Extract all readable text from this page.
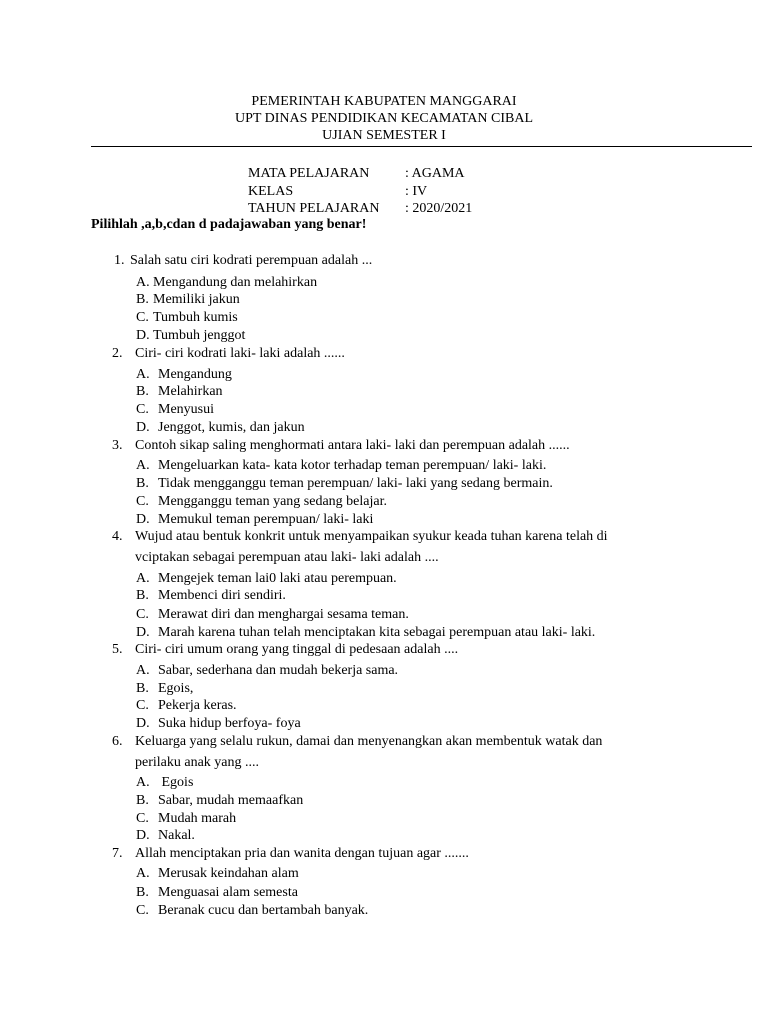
PEMERINTAH KABUPATEN MANGGARAI
UPT DINAS PENDIDIKAN KECAMATAN CIBAL
UJIAN SEMESTER I
MATA PELAJARAN	: AGAMA
KELAS	: IV
TAHUN PELAJARAN	: 2020/2021
Pilihlah ,a,b,cdan d padajawaban yang benar!
1. Salah satu ciri kodrati perempuan adalah ...
A. Mengandung dan melahirkan
B. Memiliki jakun
C. Tumbuh kumis
D. Tumbuh jenggot
2. Ciri- ciri kodrati laki- laki adalah ......
A. Mengandung
B. Melahirkan
C. Menyusui
D. Jenggot, kumis, dan jakun
3. Contoh sikap saling menghormati antara laki- laki dan perempuan adalah ......
A. Mengeluarkan kata- kata kotor terhadap teman perempuan/ laki- laki.
B. Tidak mengganggu teman perempuan/ laki- laki yang sedang bermain.
C. Mengganggu teman yang sedang belajar.
D. Memukul teman perempuan/ laki- laki
4. Wujud atau bentuk konkrit untuk menyampaikan syukur keada tuhan karena telah di
vciptakan sebagai perempuan atau laki- laki adalah ....
A. Mengejek teman lai0 laki atau perempuan.
B. Membenci diri sendiri.
C. Merawat diri dan menghargai sesama teman.
D. Marah karena tuhan telah menciptakan kita sebagai perempuan atau laki- laki.
5. Ciri- ciri umum orang yang tinggal di pedesaan adalah ....
A. Sabar, sederhana dan mudah bekerja sama.
B. Egois,
C. Pekerja keras.
D. Suka hidup berfoya- foya
6. Keluarga yang selalu rukun, damai dan menyenangkan akan membentuk watak dan
perilaku anak yang ....
A. Egois
B. Sabar, mudah memaafkan
C. Mudah marah
D. Nakal.
7. Allah menciptakan pria dan wanita dengan tujuan agar .......
A. Merusak keindahan alam
B. Menguasai alam semesta
C. Beranak cucu dan bertambah banyak.
